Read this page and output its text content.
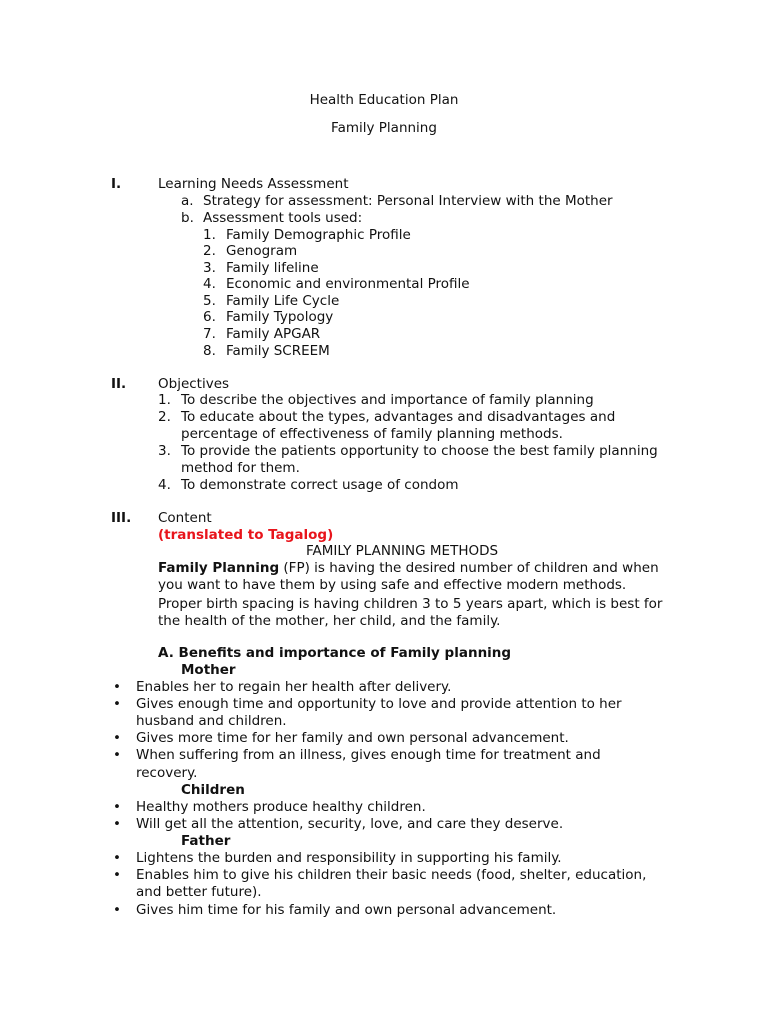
Health Education Plan
Family Planning
I.	Learning Needs Assessment
a. Strategy for assessment: Personal Interview with the Mother
b. Assessment tools used:
1. Family Demographic Profile
2. Genogram
3. Family lifeline
4. Economic and environmental Profile
5. Family Life Cycle
6. Family Typology
7. Family APGAR
8. Family SCREEM
II. Objectives
1. To describe the objectives and importance of family planning
2. To educate about the types, advantages and disadvantages and
percentage of effectiveness of family planning methods.
3. To provide the patients opportunity to choose the best family planning
method for them.
4. To demonstrate correct usage of condom
III. Content
(translated to Tagalog)
FAMILY PLANNING METHODS
Family Planning (FP) is having the desired number of children and when
you want to have them by using safe and effective modern methods.
Proper birth spacing is having children 3 to 5 years apart, which is best for
the health of the mother, her child, and the family.
A. Benefits and importance of Family planning
Mother
• Enables her to regain her health after delivery.
• Gives enough time and opportunity to love and provide attention to her
husband and children.
• Gives more time for her family and own personal advancement.
• When suffering from an illness, gives enough time for treatment and
recovery.
Children
• Healthy mothers produce healthy children.
• Will get all the attention, security, love, and care they deserve.
Father
• Lightens the burden and responsibility in supporting his family.
• Enables him to give his children their basic needs (food, shelter, education,
and better future).
• Gives him time for his family and own personal advancement.
